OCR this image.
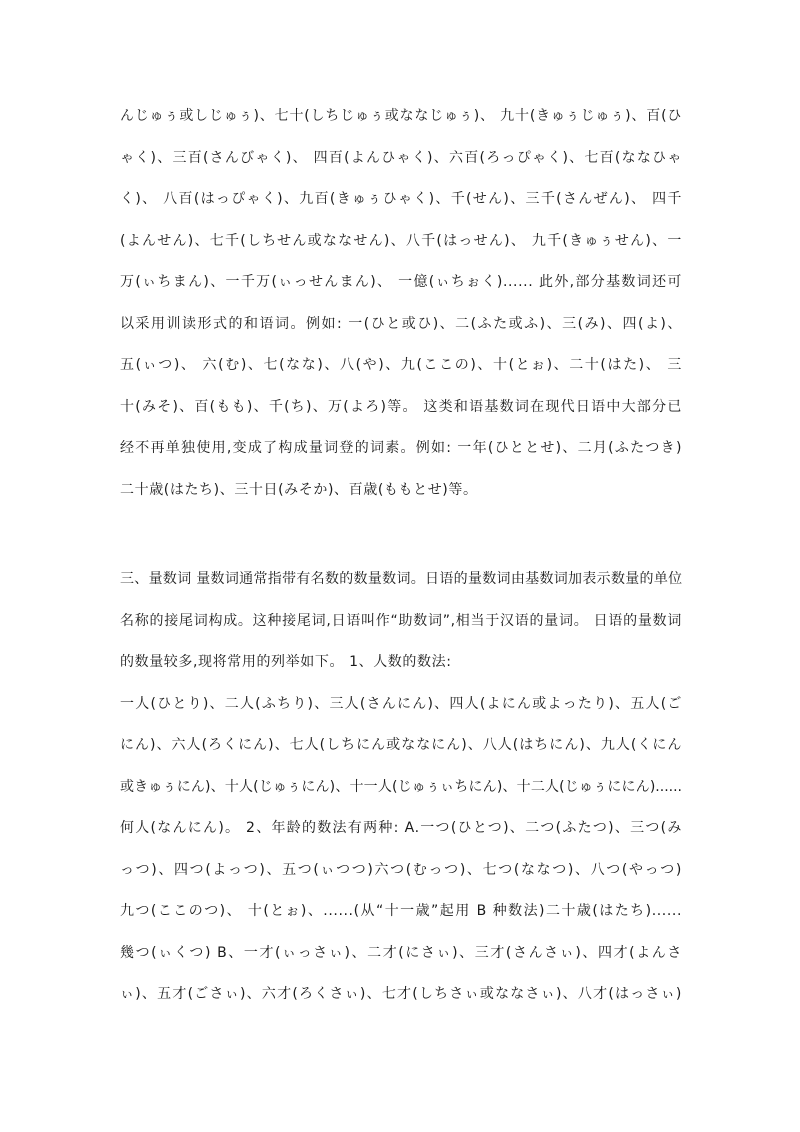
んじゅぅ或しじゅぅ)、七十(しちじゅぅ或ななじゅぅ)、 九十(きゅぅじゅぅ)、百(ひ
ゃく)、三百(さんびゃく)、 四百(よんひゃく)、六百(ろっぴゃく)、七百(ななひゃ
く)、 八百(はっぴゃく)、九百(きゅぅひゃく)、千(せん)、三千(さんぜん)、 四千
(よんせん)、七千(しちせん或ななせん)、八千(はっせん)、 九千(きゅぅせん)、一
万(ぃちまん)、一千万(ぃっせんまん)、 一億(ぃちぉく)...... 此外,部分基数词还可
以采用训读形式的和语词。例如: 一(ひと或ひ)、二(ふた或ふ)、三(み)、四(よ)、
五(ぃつ)、 六(む)、七(なな)、八(や)、九(ここの)、十(とぉ)、二十(はた)、 三
十(みそ)、百(もも)、千(ち)、万(よろ)等。 这类和语基数词在现代日语中大部分已
经不再单独使用,变成了构成量词登的词素。例如: 一年(ひととせ)、二月(ふたつき)
二十歳(はたち)、三十日(みそか)、百歳(ももとせ)等。
三、量数词 量数词通常指带有名数的数量数词。日语的量数词由基数词加表示数量的单位
名称的接尾词构成。这种接尾词,日语叫作“助数词”,相当于汉语的量词。 日语的量数词
的数量较多,现将常用的列举如下。 1、人数的数法:
一人(ひとり)、二人(ふちり)、三人(さんにん)、四人(よにん或よったり)、五人(ご
にん)、六人(ろくにん)、七人(しちにん或ななにん)、八人(はちにん)、九人(くにん
或きゅぅにん)、十人(じゅぅにん)、十一人(じゅぅぃちにん)、十二人(じゅぅににん)......
何人(なんにん)。 2、年龄的数法有两种: A.一つ(ひとつ)、二つ(ふたつ)、三つ(み
っつ)、四つ(よっつ)、五つ(ぃつつ)六つ(むっつ)、七つ(ななつ)、八つ(やっつ)
九つ(ここのつ)、 十(とぉ)、......(从“十一歳”起用 B 种数法)二十歳(はたち)......
幾つ(ぃくつ) B、一才(ぃっさぃ)、二才(にさぃ)、三才(さんさぃ)、四才(よんさ
ぃ)、五才(ごさぃ)、六才(ろくさぃ)、七才(しちさぃ或ななさぃ)、八才(はっさぃ)
